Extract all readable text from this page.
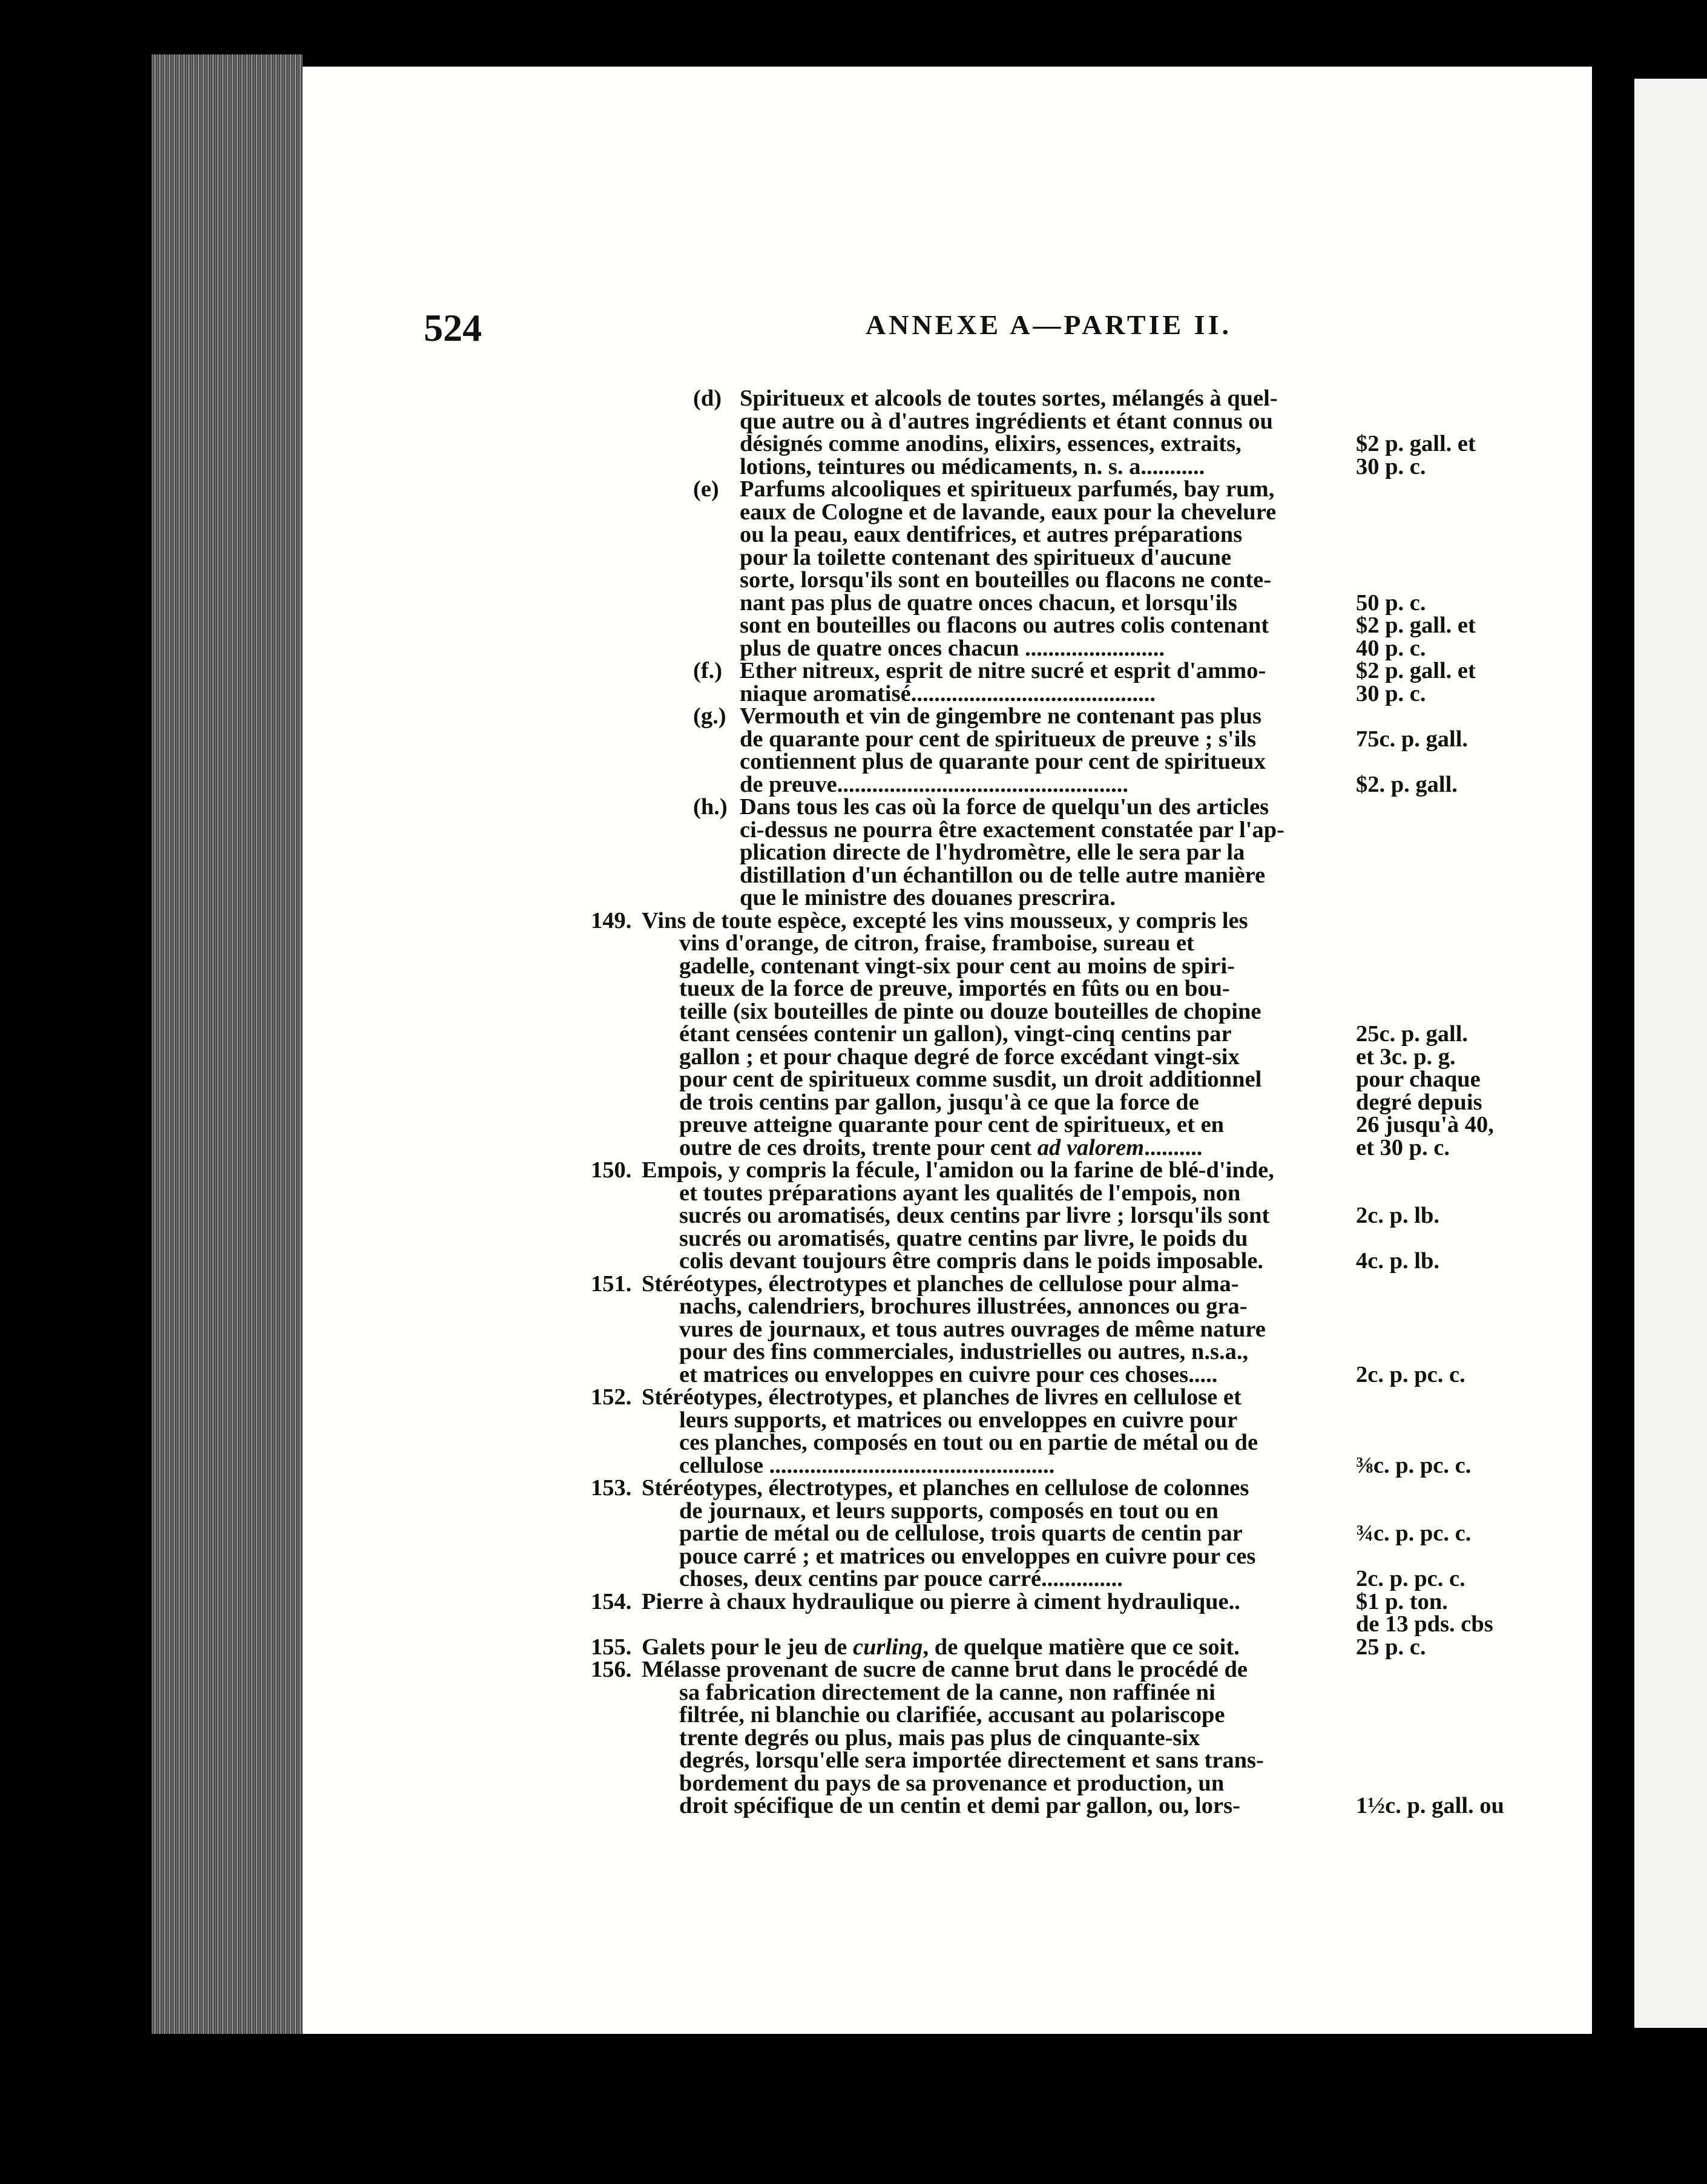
524	ANNEXE A—PARTIE II.
(d) Spiritueux et alcools de toutes sortes, mélangés à quel-
que autre ou à d'autres ingrédients et étant connus ou
désignés comme anodins, elixirs, essences, extraits,	$2 p. gall. et
lotions, teintures ou médicaments, n. s. a...........	30 p. c.
(e) Parfums alcooliques et spiritueux parfumés, bay rum,
eaux de Cologne et de lavande, eaux pour la chevelure
ou la peau, eaux dentifrices, et autres préparations
pour la toilette contenant des spiritueux d'aucune
sorte, lorsqu'ils sont en bouteilles ou flacons ne conte-
nant pas plus de quatre onces chacun, et lorsqu'ils	50 p. c.
sont en bouteilles ou flacons ou autres colis contenant	$2 p. gall. et
plus de quatre onces chacun ........................	40 p. c.
(f.) Ether nitreux, esprit de nitre sucré et esprit d'ammo-	$2 p. gall. et
niaque aromatisé..........................................	30 p. c.
(g.) Vermouth et vin de gingembre ne contenant pas plus
de quarante pour cent de spiritueux de preuve ; s'ils	75c. p. gall.
contiennent plus de quarante pour cent de spiritueux
de preuve..................................................	$2. p. gall.
(h.) Dans tous les cas où la force de quelqu'un des articles
ci-dessus ne pourra être exactement constatée par l'ap-
plication directe de l'hydromètre, elle le sera par la
distillation d'un échantillon ou de telle autre manière
que le ministre des douanes prescrira.
149. Vins de toute espèce, excepté les vins mousseux, y compris les
vins d'orange, de citron, fraise, framboise, sureau et
gadelle, contenant vingt-six pour cent au moins de spiri-
tueux de la force de preuve, importés en fûts ou en bou-
teille (six bouteilles de pinte ou douze bouteilles de chopine
étant censées contenir un gallon), vingt-cinq centins par	25c. p. gall.
gallon ; et pour chaque degré de force excédant vingt-six	et 3c. p. g.
pour cent de spiritueux comme susdit, un droit additionnel	pour chaque
de trois centins par gallon, jusqu'à ce que la force de	degré depuis
preuve atteigne quarante pour cent de spiritueux, et en	26 jusqu'à 40,
outre de ces droits, trente pour cent ad valorem..........	et 30 p. c.
150. Empois, y compris la fécule, l'amidon ou la farine de blé-d'inde,
et toutes préparations ayant les qualités de l'empois, non
sucrés ou aromatisés, deux centins par livre ; lorsqu'ils sont	2c. p. lb.
sucrés ou aromatisés, quatre centins par livre, le poids du
colis devant toujours être compris dans le poids imposable.	4c. p. lb.
151. Stéréotypes, électrotypes et planches de cellulose pour alma-
nachs, calendriers, brochures illustrées, annonces ou gra-
vures de journaux, et tous autres ouvrages de même nature
pour des fins commerciales, industrielles ou autres, n.s.a.,
et matrices ou enveloppes en cuivre pour ces choses.....	2c. p. pc. c.
152. Stéréotypes, électrotypes, et planches de livres en cellulose et
leurs supports, et matrices ou enveloppes en cuivre pour
ces planches, composés en tout ou en partie de métal ou de
cellulose .................................................	⅜c. p. pc. c.
153. Stéréotypes, électrotypes, et planches en cellulose de colonnes
de journaux, et leurs supports, composés en tout ou en
partie de métal ou de cellulose, trois quarts de centin par	¾c. p. pc. c.
pouce carré ; et matrices ou enveloppes en cuivre pour ces
choses, deux centins par pouce carré..............	2c. p. pc. c.
154. Pierre à chaux hydraulique ou pierre à ciment hydraulique..	$1 p. ton.
de 13 pds. cbs
155. Galets pour le jeu de curling, de quelque matière que ce soit.	25 p. c.
156. Mélasse provenant de sucre de canne brut dans le procédé de
sa fabrication directement de la canne, non raffinée ni
filtrée, ni blanchie ou clarifiée, accusant au polariscope
trente degrés ou plus, mais pas plus de cinquante-six
degrés, lorsqu'elle sera importée directement et sans trans-
bordement du pays de sa provenance et production, un
droit spécifique de un centin et demi par gallon, ou, lors-	1½c. p. gall. ou
